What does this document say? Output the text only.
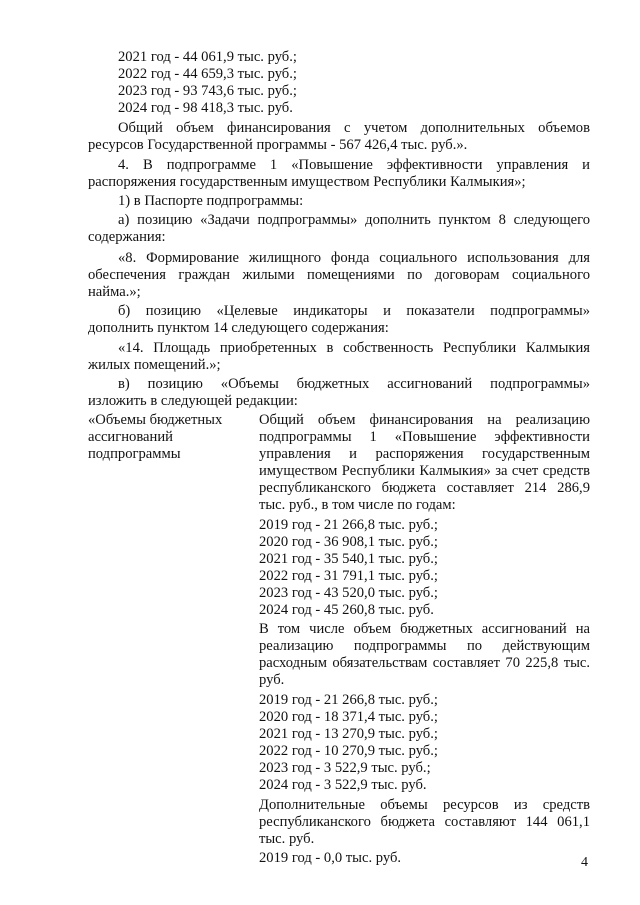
2021 год - 44 061,9 тыс. руб.;
2022 год - 44 659,3 тыс. руб.;
2023 год - 93 743,6 тыс. руб.;
2024 год - 98 418,3 тыс. руб.
Общий объем финансирования с учетом дополнительных объемов
ресурсов Государственной программы - 567 426,4 тыс. руб.».
4. В подпрограмме 1 «Повышение эффективности управления и
распоряжения государственным имуществом Республики Калмыкия»;
1) в Паспорте подпрограммы:
а) позицию «Задачи подпрограммы» дополнить пунктом 8 следующего
содержания:
«8. Формирование жилищного фонда социального использования для
обеспечения граждан жилыми помещениями по договорам социального
найма.»;
б) позицию «Целевые индикаторы и показатели подпрограммы»
дополнить пунктом 14 следующего содержания:
«14. Площадь приобретенных в собственность Республики Калмыкия
жилых помещений.»;
в) позицию «Объемы бюджетных ассигнований подпрограммы»
изложить в следующей редакции:
«Объемы бюджетных
ассигнований
подпрограммы
Общий объем финансирования на реализацию
подпрограммы 1 «Повышение эффективности
управления и распоряжения государственным
имуществом Республики Калмыкия» за счет средств
республиканского бюджета составляет 214 286,9
тыс. руб., в том числе по годам:
2019 год - 21 266,8 тыс. руб.;
2020 год - 36 908,1 тыс. руб.;
2021 год - 35 540,1 тыс. руб.;
2022 год - 31 791,1 тыс. руб.;
2023 год - 43 520,0 тыс. руб.;
2024 год - 45 260,8 тыс. руб.
В том числе объем бюджетных ассигнований на
реализацию подпрограммы по действующим
расходным обязательствам составляет 70 225,8 тыс.
руб.
2019 год - 21 266,8 тыс. руб.;
2020 год - 18 371,4 тыс. руб.;
2021 год - 13 270,9 тыс. руб.;
2022 год - 10 270,9 тыс. руб.;
2023 год - 3 522,9 тыс. руб.;
2024 год - 3 522,9 тыс. руб.
Дополнительные объемы ресурсов из средств
республиканского бюджета составляют 144 061,1
тыс. руб.
2019 год - 0,0 тыс. руб.	4
